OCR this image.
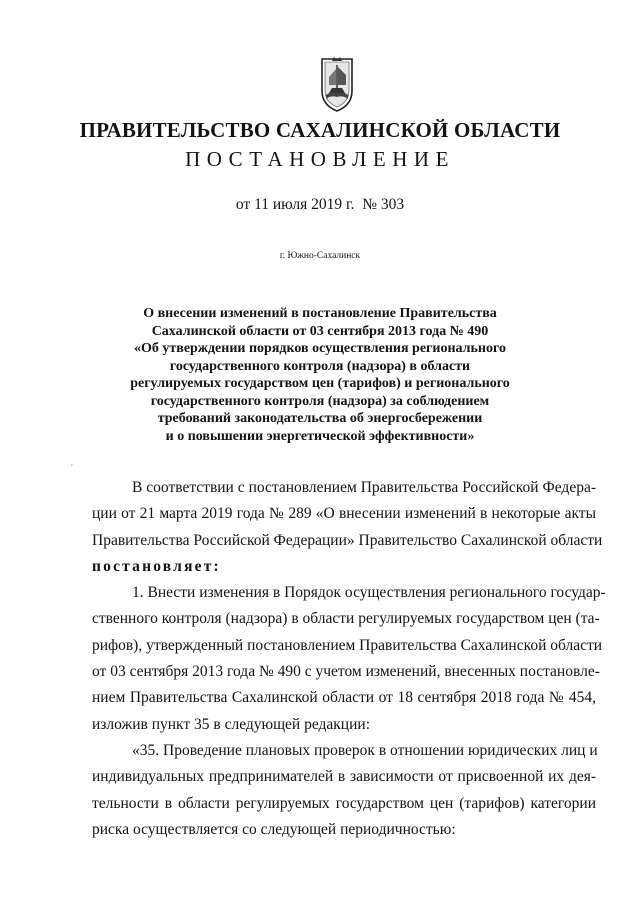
ПРАВИТЕЛЬСТВО САХАЛИНСКОЙ ОБЛАСТИ
ПОСТАНОВЛЕНИЕ
от 11 июля 2019 г.  № 303
г. Южно-Сахалинск
О внесении изменений в постановление Правительства
Сахалинской области от 03 сентября 2013 года № 490
«Об утверждении порядков осуществления регионального
государственного контроля (надзора) в области
регулируемых государством цен (тарифов) и регионального
государственного контроля (надзора) за соблюдением
требований законодательства об энергосбережении
и о повышении энергетической эффективности»
´
В соответствии с постановлением Правительства Российской Федера-
ции от 21 марта 2019 года № 289 «О внесении изменений в некоторые акты
Правительства Российской Федерации» Правительство Сахалинской области
постановляет:
1. Внести изменения в Порядок осуществления регионального государ-
ственного контроля (надзора) в области регулируемых государством цен (та-
рифов), утвержденный постановлением Правительства Сахалинской области
от 03 сентября 2013 года № 490 с учетом изменений, внесенных постановле-
нием Правительства Сахалинской области от 18 сентября 2018 года № 454,
изложив пункт 35 в следующей редакции:
«35. Проведение плановых проверок в отношении юридических лиц и
индивидуальных предпринимателей в зависимости от присвоенной их дея-
тельности в области регулируемых государством цен (тарифов) категории
риска осуществляется со следующей периодичностью:
